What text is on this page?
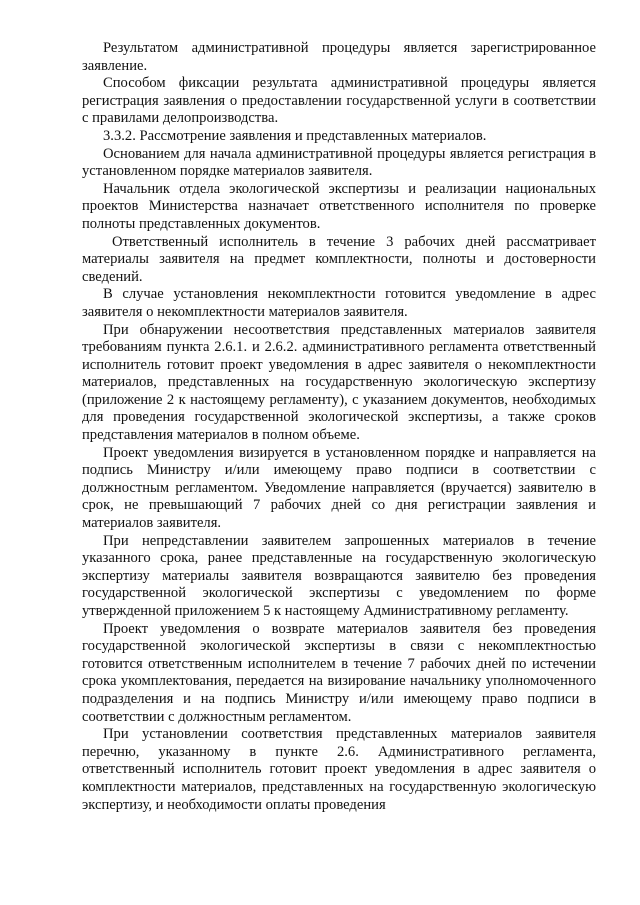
Результатом административной процедуры является зарегистрированное заявление.

Способом фиксации результата административной процедуры является регистрация заявления о предоставлении государственной услуги в соответствии с правилами делопроизводства.

3.3.2. Рассмотрение заявления и представленных материалов.

Основанием для начала административной процедуры является регистрация в установленном порядке материалов заявителя.

Начальник отдела экологической экспертизы и реализации национальных проектов Министерства назначает ответственного исполнителя по проверке полноты представленных документов.

Ответственный исполнитель в течение 3 рабочих дней рассматривает материалы заявителя на предмет комплектности, полноты и достоверности сведений.

В случае установления некомплектности готовится уведомление в адрес заявителя о некомплектности материалов заявителя.

При обнаружении несоответствия представленных материалов заявителя требованиям пункта 2.6.1. и 2.6.2. административного регламента ответственный исполнитель готовит проект уведомления в адрес заявителя о некомплектности материалов, представленных на государственную экологическую экспертизу (приложение 2 к настоящему регламенту), с указанием документов, необходимых для проведения государственной экологической экспертизы, а также сроков представления материалов в полном объеме.

Проект уведомления визируется в установленном порядке и направляется на подпись Министру и/или имеющему право подписи в соответствии с должностным регламентом. Уведомление направляется (вручается) заявителю в срок, не превышающий 7 рабочих дней со дня регистрации заявления и материалов заявителя.

При непредставлении заявителем запрошенных материалов в течение указанного срока, ранее представленные на государственную экологическую экспертизу материалы заявителя возвращаются заявителю без проведения государственной экологической экспертизы с уведомлением по форме утвержденной приложением 5 к настоящему Административному регламенту.

Проект уведомления о возврате материалов заявителя без проведения государственной экологической экспертизы в связи с некомплектностью готовится ответственным исполнителем в течение 7 рабочих дней по истечении срока укомплектования, передается на визирование начальнику уполномоченного подразделения и на подпись Министру и/или имеющему право подписи в соответствии с должностным регламентом.

При установлении соответствия представленных материалов заявителя перечню, указанному в пункте 2.6. Административного регламента, ответственный исполнитель готовит проект уведомления в адрес заявителя о комплектности материалов, представленных на государственную экологическую экспертизу, и необходимости оплаты проведения
